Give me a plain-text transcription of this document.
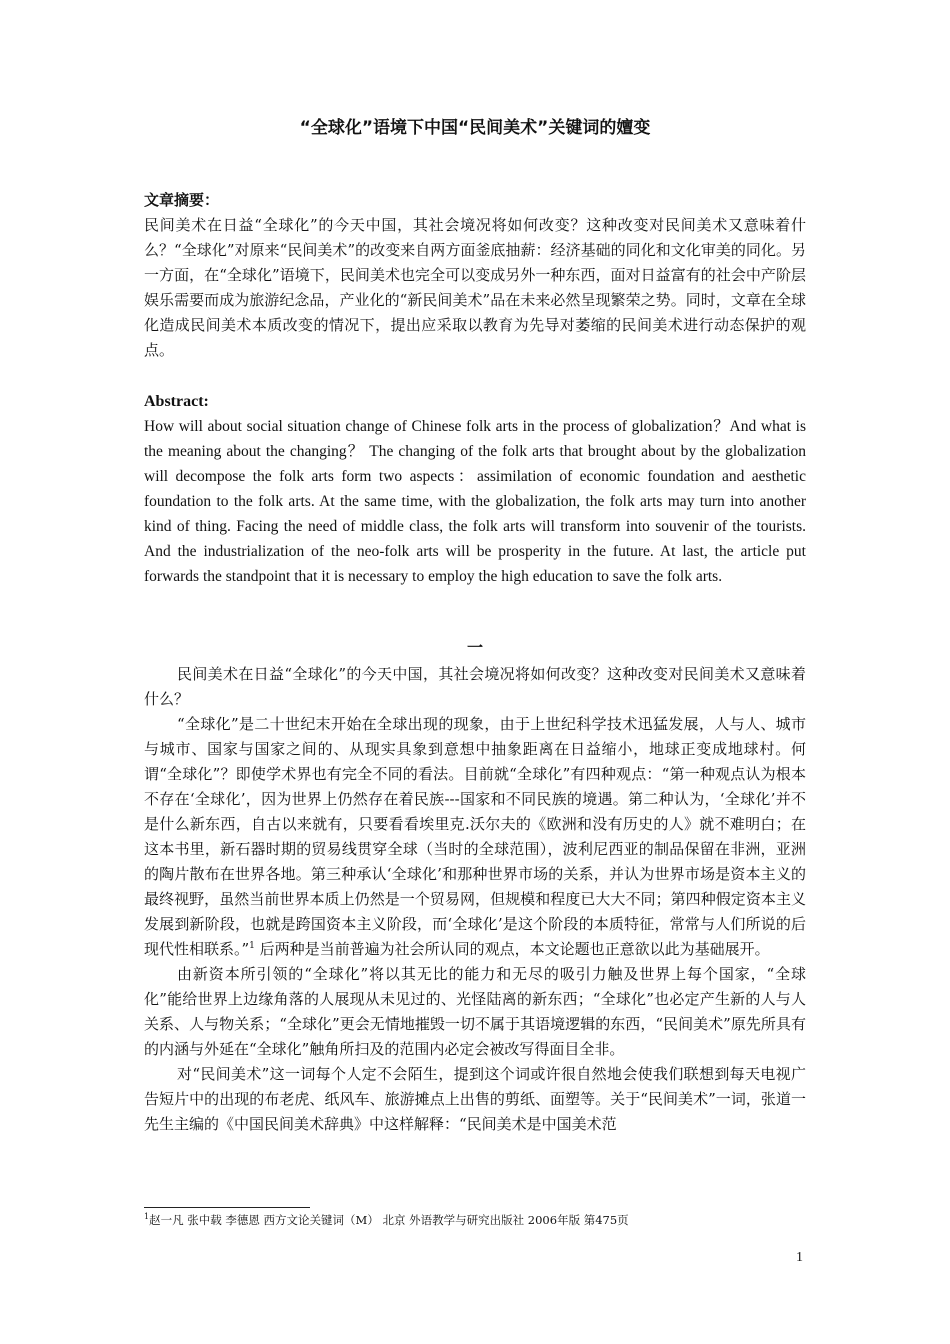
“全球化”语境下中国“民间美术”关键词的嬗变
文章摘要：
民间美术在日益“全球化”的今天中国，其社会境况将如何改变？这种改变对民间美术又意味着什么？“全球化”对原来“民间美术”的改变来自两方面釜底抽薪：经济基础的同化和文化审美的同化。另一方面，在“全球化”语境下，民间美术也完全可以变成另外一种东西，面对日益富有的社会中产阶层娱乐需要而成为旅游纪念品，产业化的“新民间美术”品在未来必然呈现繁荣之势。同时，文章在全球化造成民间美术本质改变的情况下，提出应采取以教育为先导对萎缩的民间美术进行动态保护的观点。
Abstract:
How will about social situation change of Chinese folk arts in the process of globalization？And what is the meaning about the changing？ The changing of the folk arts that brought about by the globalization will decompose the folk arts form two aspects：assimilation of economic foundation and aesthetic foundation to the folk arts. At the same time, with the globalization, the folk arts may turn into another kind of thing. Facing the need of middle class, the folk arts will transform into souvenir of the tourists. And the industrialization of the neo-folk arts will be prosperity in the future. At last, the article put forwards the standpoint that it is necessary to employ the high education to save the folk arts.
一

民间美术在日益“全球化”的今天中国，其社会境况将如何改变？这种改变对民间美术又意味着什么？

“全球化”是二十世纪末开始在全球出现的现象，由于上世纪科学技术迅猛发展，人与人、城市与城市、国家与国家之间的、从现实具象到意想中抽象距离在日益缩小，地球正变成地球村。何谓“全球化”？即使学术界也有完全不同的看法。目前就“全球化”有四种观点：“第一种观点认为根本不存在‘全球化’，因为世界上仍然存在着民族---国家和不同民族的境遇。第二种认为，‘全球化’并不是什么新东西，自古以来就有，只要看看埃里克.沃尔夫的《欧洲和没有历史的人》就不难明白；在这本书里，新石器时期的贸易线贯穿全球（当时的全球范围），波利尼西亚的制品保留在非洲，亚洲的陶片散布在世界各地。第三种承认‘全球化’和那种世界市场的关系，并认为世界市场是资本主义的最终视野，虽然当前世界本质上仍然是一个贸易网，但规模和程度已大大不同；第四种假定资本主义发展到新阶段，也就是跨国资本主义阶段，而‘全球化’是这个阶段的本质特征，常常与人们所说的后现代性相联系。”$^1$ 后两种是当前普遍为社会所认同的观点，本文论题也正意欲以此为基础展开。

由新资本所引领的“全球化”将以其无比的能力和无尽的吸引力触及世界上每个国家，“全球化”能给世界上边缘角落的人展现从未见过的、光怪陆离的新东西；“全球化”也必定产生新的人与人关系、人与物关系；“全球化”更会无情地摧毁一切不属于其语境逻辑的东西，“民间美术”原先所具有的内涵与外延在“全球化”触角所扫及的范围内必定会被改写得面目全非。

对“民间美术”这一词每个人定不会陌生，提到这个词或许很自然地会使我们联想到每天电视广告短片中的出现的布老虎、纸风车、旅游摊点上出售的剪纸、面塑等。关于“民间美术”一词，张道一先生主编的《中国民间美术辞典》中这样解释：“民间美术是中国美术范

$^1$赵一凡 张中载 李德恩 西方文论关键词（M） 北京 外语教学与研究出版社 2006年版 第475页
1
